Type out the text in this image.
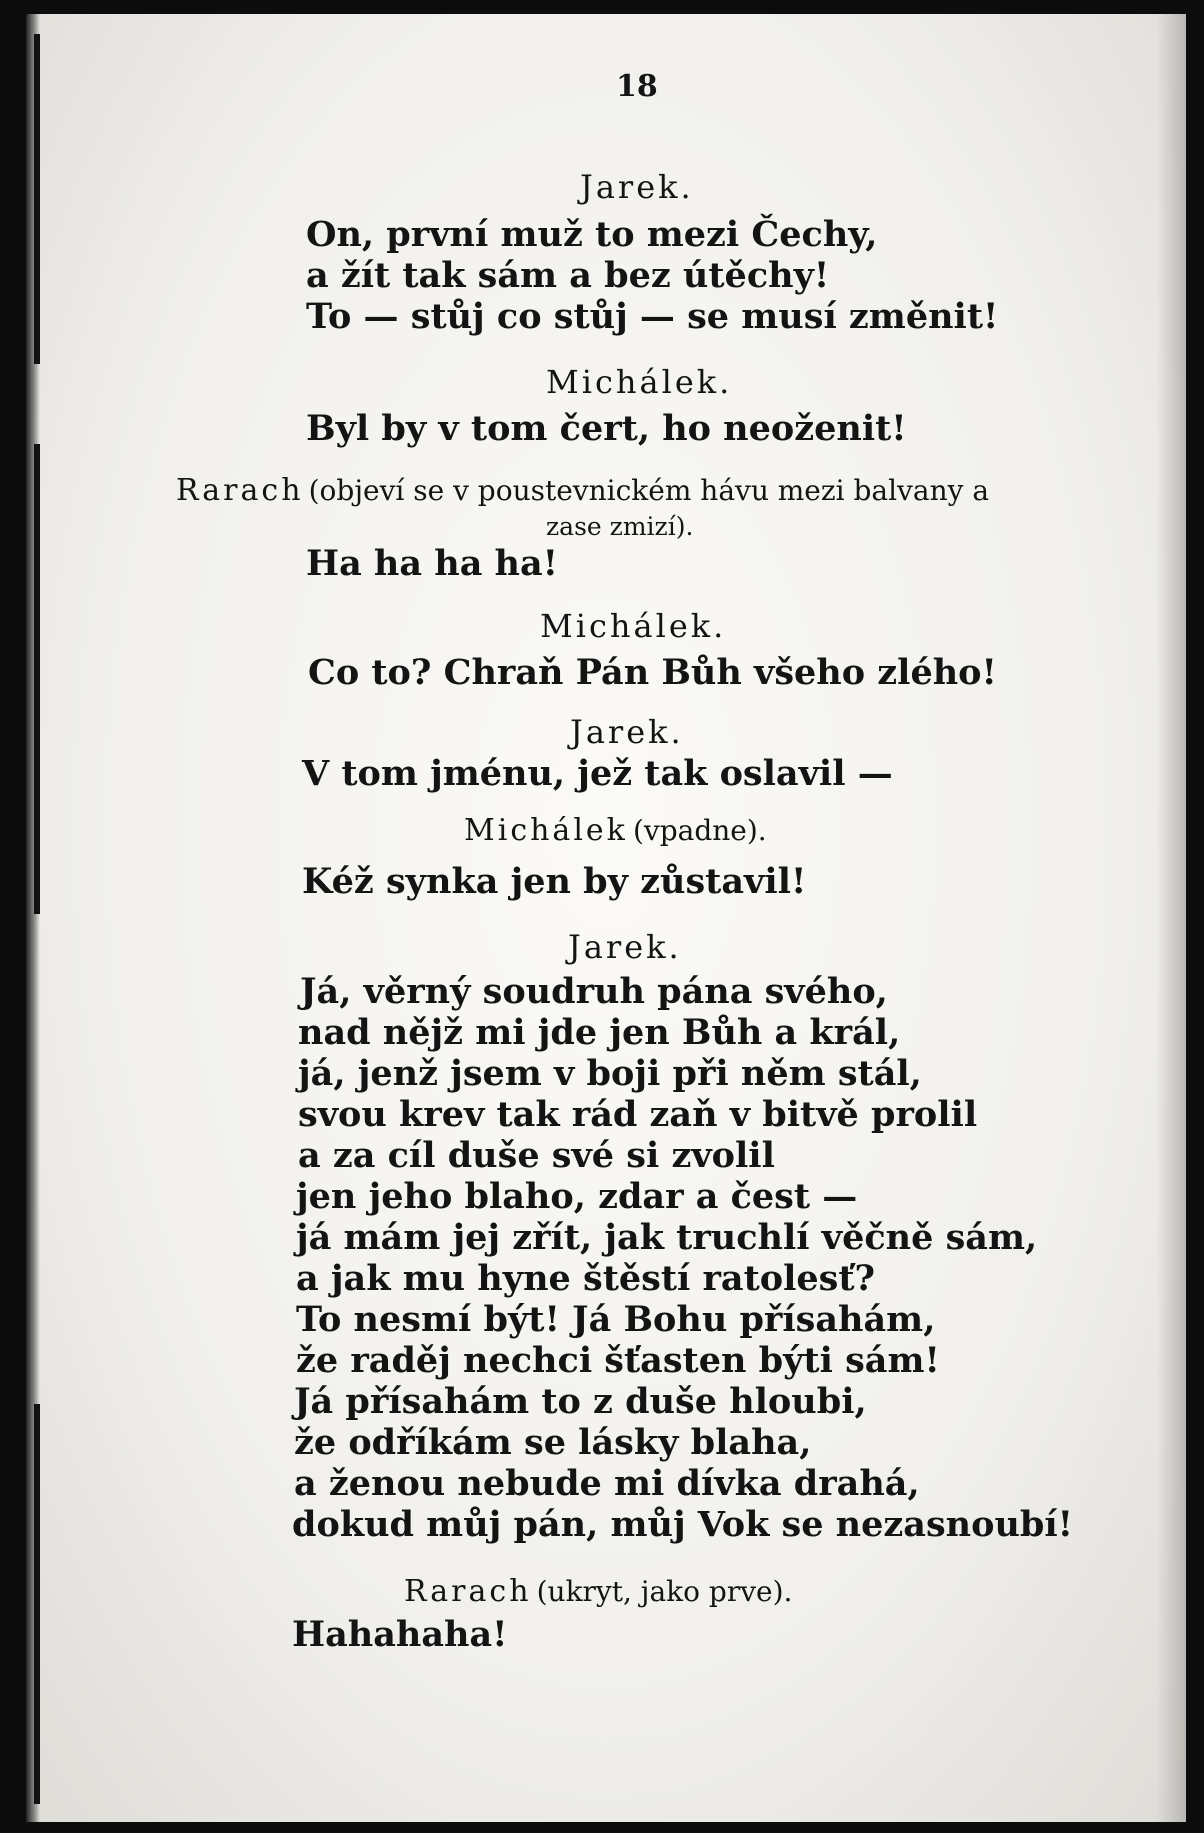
18
Jarek.
On, první muž to mezi Čechy,
a žít tak sám a bez útěchy!
To — stůj co stůj — se musí změnit!
Michálek.
Byl by v tom čert, ho neoženit!
Rarach (objeví se v poustevnickém hávu mezi balvany a
zase zmizí).
Ha ha ha ha!
Michálek.
Co to? Chraň Pán Bůh všeho zlého!
Jarek.
V tom jménu, jež tak oslavil —
Michálek (vpadne).
Kéž synka jen by zůstavil!
Jarek.
Já, věrný soudruh pána svého,
nad nějž mi jde jen Bůh a král,
já, jenž jsem v boji při něm stál,
svou krev tak rád zaň v bitvě prolil
a za cíl duše své si zvolil
jen jeho blaho, zdar a čest —
já mám jej zřít, jak truchlí věčně sám,
a jak mu hyne štěstí ratolesť?
To nesmí být! Já Bohu přísahám,
že raděj nechci šťasten býti sám!
Já přísahám to z duše hloubi,
že odříkám se lásky blaha,
a ženou nebude mi dívka drahá,
dokud můj pán, můj Vok se nezasnoubí!
Rarach (ukryt, jako prve).
Hahahaha!
